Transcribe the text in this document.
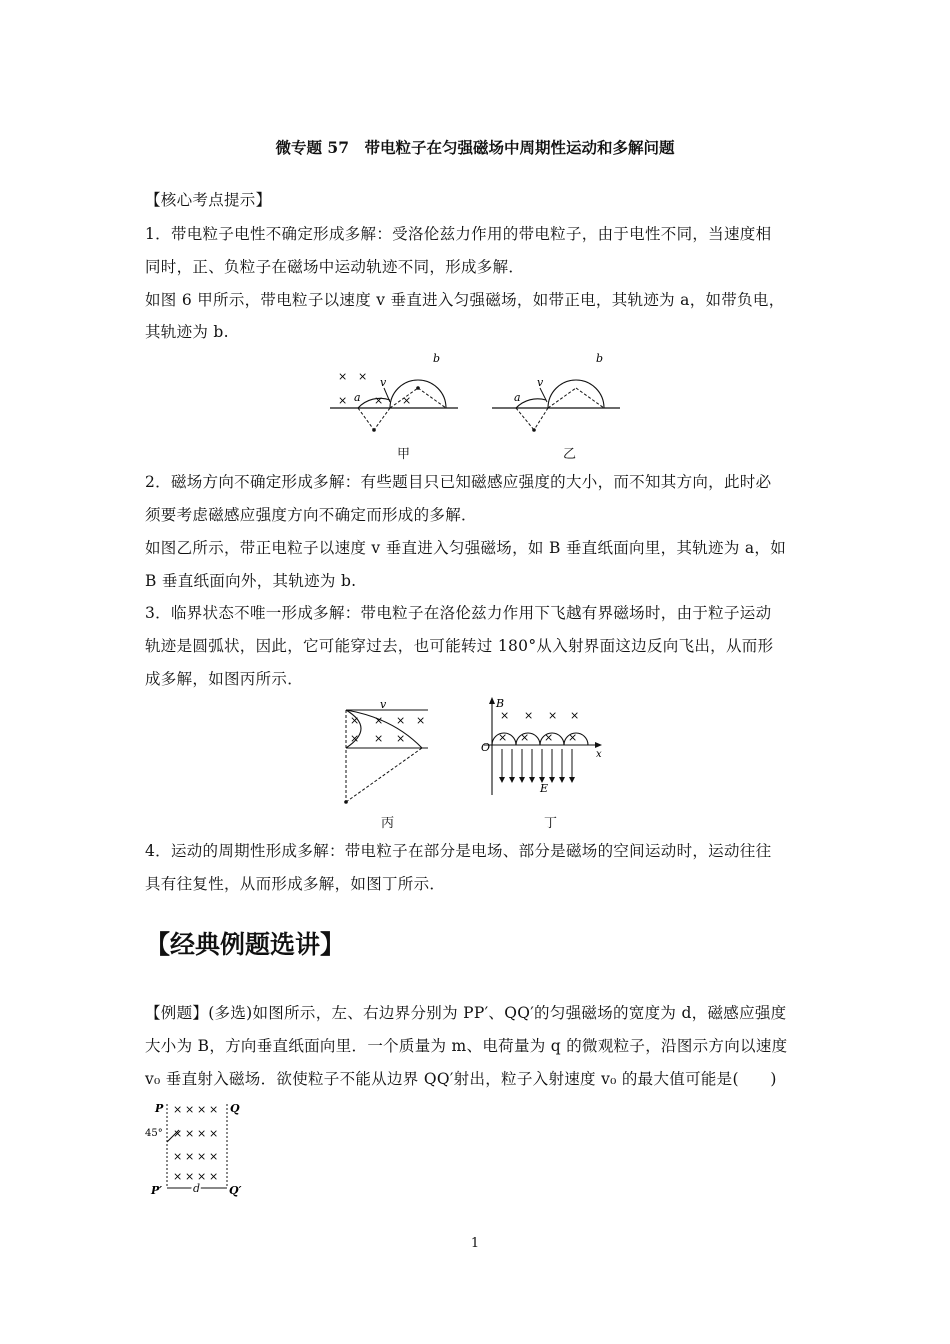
微专题 57　带电粒子在匀强磁场中周期性运动和多解问题
【核心考点提示】
1．带电粒子电性不确定形成多解：受洛伦兹力作用的带电粒子，由于电性不同，当速度相
同时，正、负粒子在磁场中运动轨迹不同，形成多解．
如图 6 甲所示，带电粒子以速度 v 垂直进入匀强磁场，如带正电，其轨迹为 a，如带负电，
其轨迹为 b.
× ×
× × ×
a
v
b
甲
a
v
b
乙
2．磁场方向不确定形成多解：有些题目只已知磁感应强度的大小，而不知其方向，此时必
须要考虑磁感应强度方向不确定而形成的多解．
如图乙所示，带正电粒子以速度 v 垂直进入匀强磁场，如 B 垂直纸面向里，其轨迹为 a，如
B 垂直纸面向外，其轨迹为 b.
3．临界状态不唯一形成多解：带电粒子在洛伦兹力作用下飞越有界磁场时，由于粒子运动
轨迹是圆弧状，因此，它可能穿过去，也可能转过 180°从入射界面这边反向飞出，从而形
成多解，如图丙所示．
v
× × × ×
× × ×
丙
B
O
x
E
× × × ×
× × × ×
丁
4．运动的周期性形成多解：带电粒子在部分是电场、部分是磁场的空间运动时，运动往往
具有往复性，从而形成多解，如图丁所示．
【经典例题选讲】
【例题】(多选)如图所示，左、右边界分别为 PP′、QQ′的匀强磁场的宽度为 d，磁感应强度
大小为 B，方向垂直纸面向里．一个质量为 m、电荷量为 q 的微观粒子，沿图示方向以速度
v₀ 垂直射入磁场．欲使粒子不能从边界 QQ′射出，粒子入射速度 v₀ 的最大值可能是(　　)
P	Q
P′	Q′
45°
× × × ×
× × × ×
× × × ×
× × × ×
d
1
